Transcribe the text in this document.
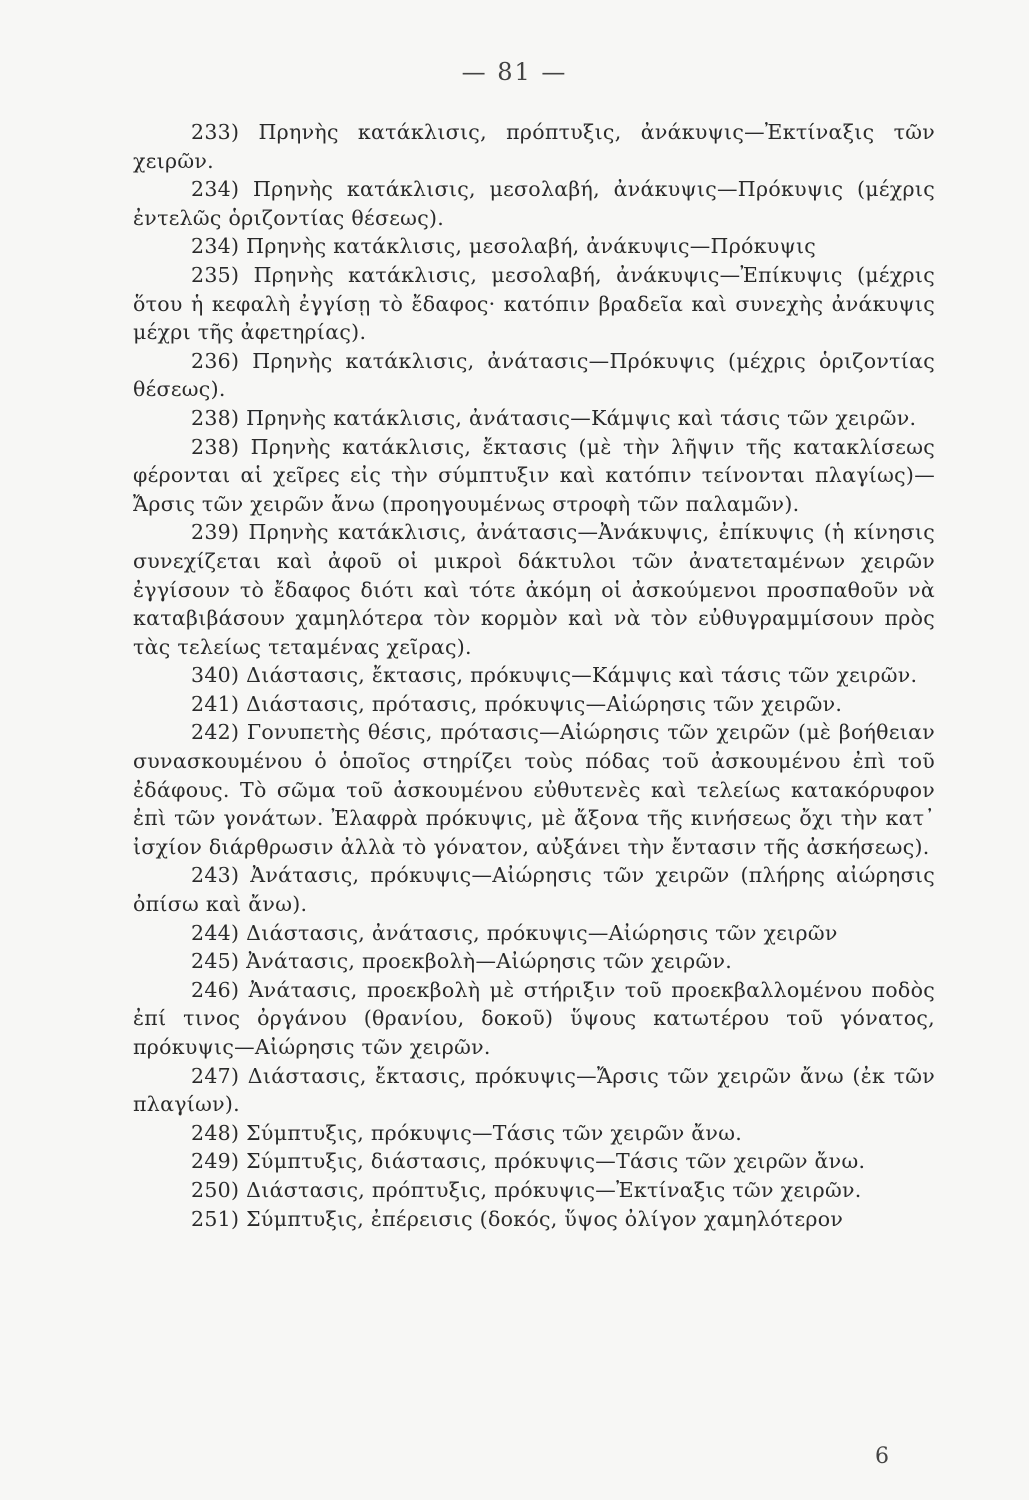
— 81 —

233) Πρηνὴς κατάκλισις, πρόπτυξις, ἀνάκυψις—Ἐκτίναξις τῶν χειρῶν.

234) Πρηνὴς κατάκλισις, μεσολαβή, ἀνάκυψις—Πρόκυψις (μέχρις ἐντελῶς ὁριζοντίας θέσεως).

234) Πρηνὴς κατάκλισις, μεσολαβή, ἀνάκυψις—Πρόκυψις

235) Πρηνὴς κατάκλισις, μεσολαβή, ἀνάκυψις—Ἐπίκυψις (μέχρις ὅτου ἡ κεφαλὴ ἐγγίσῃ τὸ ἔδαφος· κατόπιν βραδεῖα καὶ συνεχὴς ἀνάκυψις μέχρι τῆς ἀφετηρίας).

236) Πρηνὴς κατάκλισις, ἀνάτασις—Πρόκυψις (μέχρις ὁριζοντίας θέσεως).

238) Πρηνὴς κατάκλισις, ἀνάτασις—Κάμψις καὶ τάσις τῶν χειρῶν.

238) Πρηνὴς κατάκλισις, ἔκτασις (μὲ τὴν λῆψιν τῆς κατακλίσεως φέρονται αἱ χεῖρες εἰς τὴν σύμπτυξιν καὶ κατόπιν τείνονται πλαγίως)—Ἄρσις τῶν χειρῶν ἄνω (προηγουμένως στροφὴ τῶν παλαμῶν).

239) Πρηνὴς κατάκλισις, ἀνάτασις—Ἀνάκυψις, ἐπίκυψις (ἡ κίνησις συνεχίζεται καὶ ἀφοῦ οἱ μικροὶ δάκτυλοι τῶν ἀνατεταμένων χειρῶν ἐγγίσουν τὸ ἔδαφος διότι καὶ τότε ἀκόμη οἱ ἀσκούμενοι προσπαθοῦν νὰ καταβιβάσουν χαμηλότερα τὸν κορμὸν καὶ νὰ τὸν εὐθυγραμμίσουν πρὸς τὰς τελείως τεταμένας χεῖρας).

340) Διάστασις, ἔκτασις, πρόκυψις—Κάμψις καὶ τάσις τῶν χειρῶν.

241) Διάστασις, πρότασις, πρόκυψις—Αἰώρησις τῶν χειρῶν.

242) Γονυπετὴς θέσις, πρότασις—Αἰώρησις τῶν χειρῶν (μὲ βοήθειαν συνασκουμένου ὁ ὁποῖος στηρίζει τοὺς πόδας τοῦ ἀσκουμένου ἐπὶ τοῦ ἐδάφους. Τὸ σῶμα τοῦ ἀσκουμένου εὐθυτενὲς καὶ τελείως κατακόρυφον ἐπὶ τῶν γονάτων. Ἐλαφρὰ πρόκυψις, μὲ ἄξονα τῆς κινήσεως ὄχι τὴν κατ᾽ ἰσχίον διάρθρωσιν ἀλλὰ τὸ γόνατον, αὐξάνει τὴν ἔντασιν τῆς ἀσκήσεως).

243) Ἀνάτασις, πρόκυψις—Αἰώρησις τῶν χειρῶν (πλήρης αἰώρησις ὀπίσω καὶ ἄνω).

244) Διάστασις, ἀνάτασις, πρόκυψις—Αἰώρησις τῶν χειρῶν

245) Ἀνάτασις, προεκβολὴ—Αἰώρησις τῶν χειρῶν.

246) Ἀνάτασις, προεκβολὴ μὲ στήριξιν τοῦ προεκβαλλομένου ποδὸς ἐπί τινος ὀργάνου (θρανίου, δοκοῦ) ὕψους κατωτέρου τοῦ γόνατος, πρόκυψις—Αἰώρησις τῶν χειρῶν.

247) Διάστασις, ἔκτασις, πρόκυψις—Ἄρσις τῶν χειρῶν ἄνω (ἐκ τῶν πλαγίων).

248) Σύμπτυξις, πρόκυψις—Τάσις τῶν χειρῶν ἄνω.

249) Σύμπτυξις, διάστασις, πρόκυψις—Τάσις τῶν χειρῶν ἄνω.

250) Διάστασις, πρόπτυξις, πρόκυψις—Ἐκτίναξις τῶν χειρῶν.

251) Σύμπτυξις, ἐπέρεισις (δοκός, ὕψος ὀλίγον χαμηλότερον

6
